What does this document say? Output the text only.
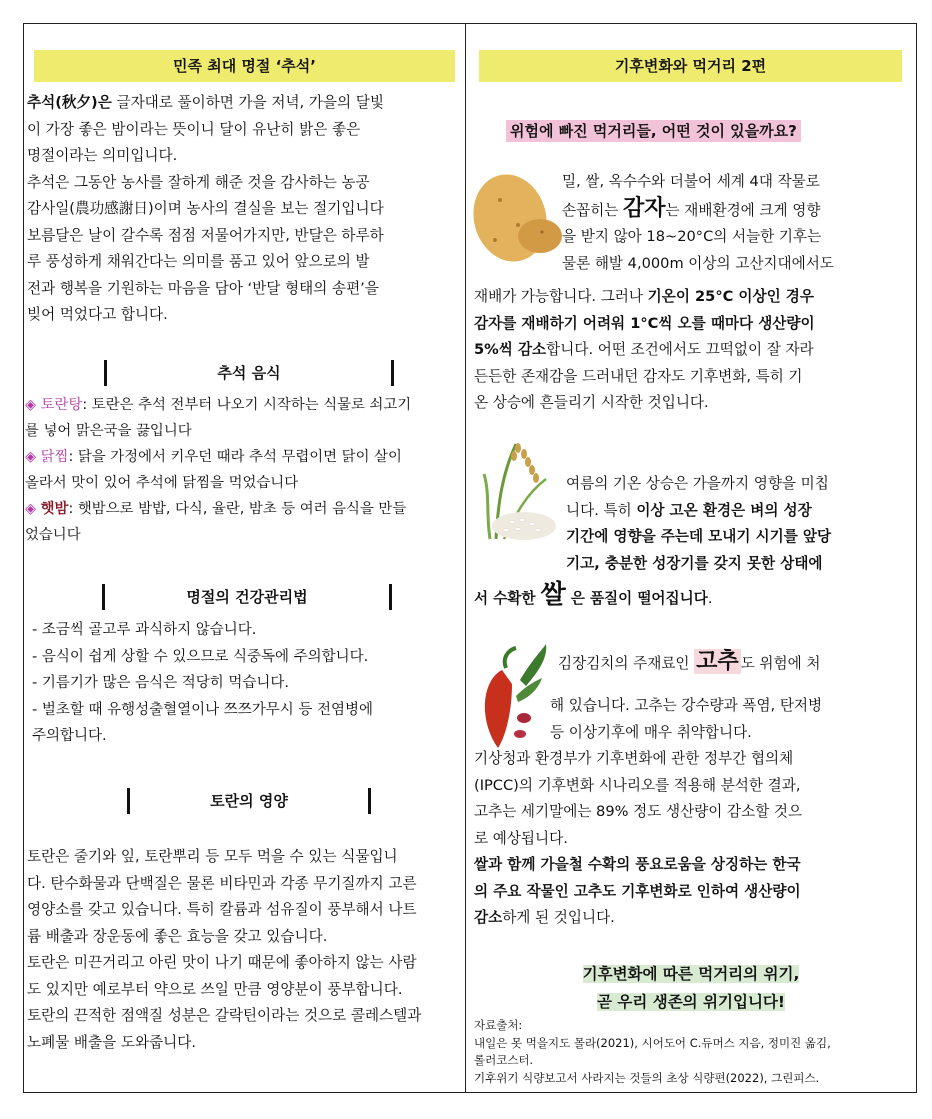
민족 최대 명절 ‘추석’
추석(秋夕)은 글자대로 풀이하면 가을 저녁, 가을의 달빛
이 가장 좋은 밤이라는 뜻이니 달이 유난히 밝은 좋은
명절이라는 의미입니다.
추석은 그동안 농사를 잘하게 해준 것을 감사하는 농공
감사일(農功感謝日)이며 농사의 결실을 보는 절기입니다
보름달은 날이 갈수록 점점 저물어가지만, 반달은 하루하
루 풍성하게 채워간다는 의미를 품고 있어 앞으로의 발
전과 행복을 기원하는 마음을 담아 ‘반달 형태의 송편’을
빚어 먹었다고 합니다.
추석 음식
◈ 토란탕: 토란은 추석 전부터 나오기 시작하는 식물로 쇠고기
를 넣어 맑은국을 끓입니다
◈ 닭찜: 닭을 가정에서 키우던 때라 추석 무렵이면 닭이 살이
올라서 맛이 있어 추석에 닭찜을 먹었습니다
◈ 햇밤: 햇밤으로 밤밥, 다식, 율란, 밤초 등 여러 음식을 만들
었습니다
명절의 건강관리법
- 조금씩 골고루 과식하지 않습니다.
- 음식이 쉽게 상할 수 있으므로 식중독에 주의합니다.
- 기름기가 많은 음식은 적당히 먹습니다.
- 벌초할 때 유행성출혈열이나 쯔쯔가무시 등 전염병에
주의합니다.
토란의 영양
토란은 줄기와 잎, 토란뿌리 등 모두 먹을 수 있는 식물입니
다. 탄수화물과 단백질은 물론 비타민과 각종 무기질까지 고른
영양소를 갖고 있습니다. 특히 칼륨과 섬유질이 풍부해서 나트
륨 배출과 장운동에 좋은 효능을 갖고 있습니다.
토란은 미끈거리고 아린 맛이 나기 때문에 좋아하지 않는 사람
도 있지만 예로부터 약으로 쓰일 만큼 영양분이 풍부합니다.
토란의 끈적한 점액질 성분은 갈락틴이라는 것으로 콜레스텔과
노폐물 배출을 도와줍니다.
기후변화와 먹거리 2편
위험에 빠진 먹거리들, 어떤 것이 있을까요?
밀, 쌀, 옥수수와 더불어 세계 4대 작물로
손꼽히는 감자는 재배환경에 크게 영향
을 받지 않아 18~20°C의 서늘한 기후는
물론 해발 4,000m 이상의 고산지대에서도
재배가 가능합니다. 그러나 기온이 25°C 이상인 경우
감자를 재배하기 어려워 1°C씩 오를 때마다 생산량이
5%씩 감소합니다. 어떤 조건에서도 끄떡없이 잘 자라
든든한 존재감을 드러내던 감자도 기후변화, 특히 기
온 상승에 흔들리기 시작한 것입니다.
여름의 기온 상승은 가을까지 영향을 미칩
니다. 특히 이상 고온 환경은 벼의 성장
기간에 영향을 주는데 모내기 시기를 앞당
기고, 충분한 성장기를 갖지 못한 상태에
서 수확한 쌀 은 품질이 떨어집니다.
김장김치의 주재료인 고추 도 위험에 처
해 있습니다. 고추는 강수량과 폭염, 탄저병
등 이상기후에 매우 취약합니다.
기상청과 환경부가 기후변화에 관한 정부간 협의체
(IPCC)의 기후변화 시나리오를 적용해 분석한 결과,
고추는 세기말에는 89% 정도 생산량이 감소할 것으
로 예상됩니다.
쌀과 함께 가을철 수확의 풍요로움을 상징하는 한국
의 주요 작물인 고추도 기후변화로 인하여 생산량이
감소하게 된 것입니다.
기후변화에 따른 먹거리의 위기,
곧 우리 생존의 위기입니다!
자료출처:
내일은 못 먹을지도 몰라(2021), 시어도어 C.듀머스 지음, 정미진 옮김,
롤러코스터.
기후위기 식량보고서 사라지는 것들의 초상 식량편(2022), 그린피스.
